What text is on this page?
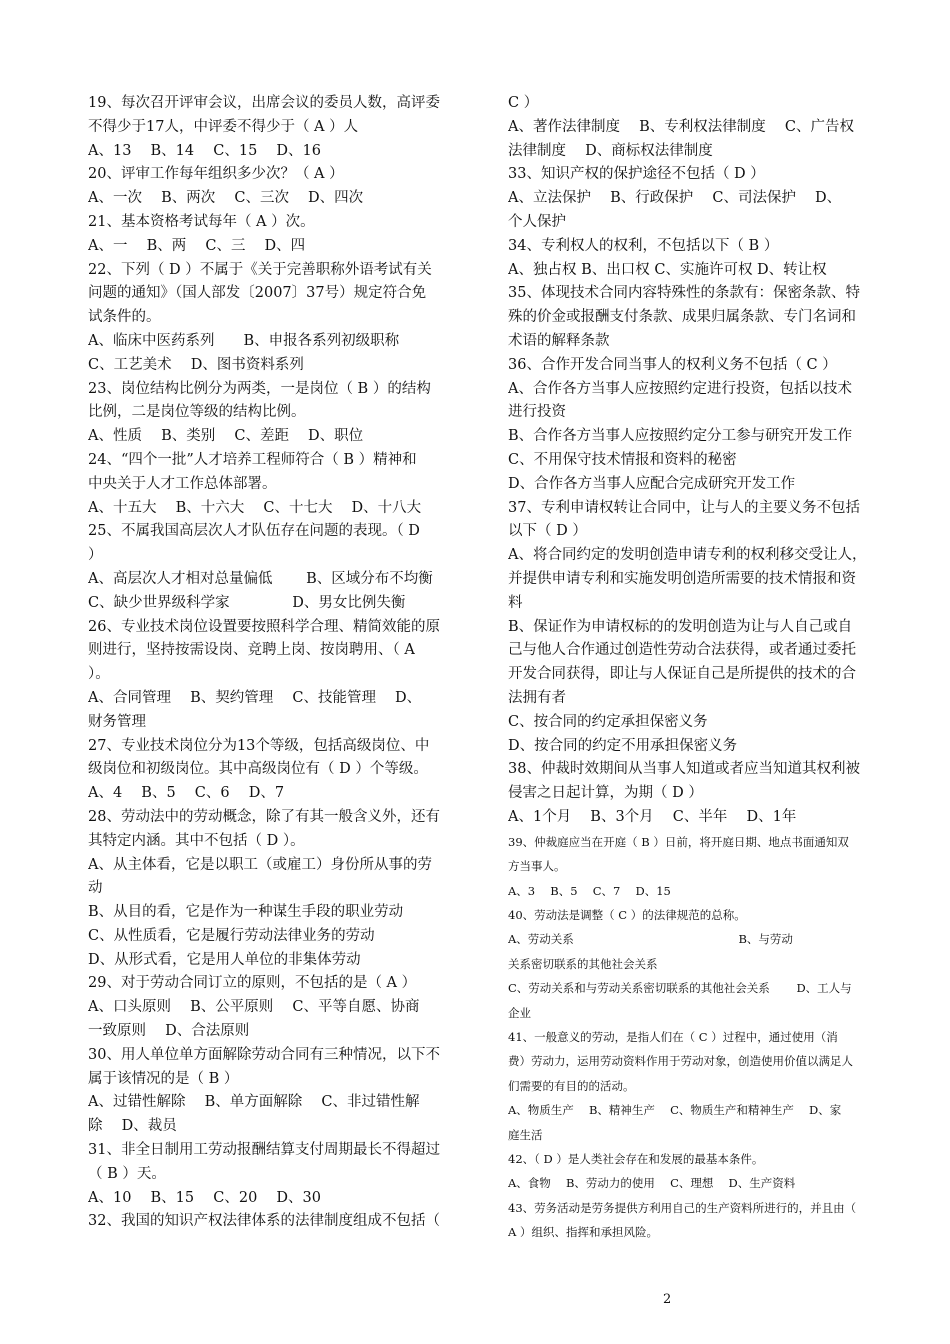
19、每次召开评审会议，出席会议的委员人数，高评委
不得少于17人，中评委不得少于（ A ）人
A、13　 B、14　 C、15　 D、16
20、评审工作每年组织多少次？（ A ）
A、一次　 B、两次　 C、三次　 D、四次
21、基本资格考试每年（ A ）次。
A、一　 B、两　 C、三　 D、四
22、下列（ D ）不属于《关于完善职称外语考试有关
问题的通知》（国人部发〔2007〕37号）规定符合免
试条件的。
A、临床中医药系列　　B、申报各系列初级职称
C、工艺美术　 D、图书资料系列
23、岗位结构比例分为两类，一是岗位（ B ）的结构
比例，二是岗位等级的结构比例。
A、性质　 B、类别　 C、差距　 D、职位
24、“四个一批”人才培养工程师符合（ B ）精神和
中央关于人才工作总体部署。
A、十五大　 B、十六大　 C、十七大　 D、十八大
25、不属我国高层次人才队伍存在问题的表现。（ D
）
A、高层次人才相对总量偏低　　 B、区域分布不均衡
C、缺少世界级科学家　　　　 D、男女比例失衡
26、专业技术岗位设置要按照科学合理、精简效能的原
则进行，坚持按需设岗、竞聘上岗、按岗聘用、（ A
）。
A、合同管理　 B、契约管理　 C、技能管理　 D、
财务管理
27、专业技术岗位分为13个等级，包括高级岗位、中
级岗位和初级岗位。其中高级岗位有（ D ）个等级。
A、4　 B、5　 C、6　 D、7
28、劳动法中的劳动概念，除了有其一般含义外，还有
其特定内涵。其中不包括（ D ）。
A、从主体看，它是以职工（或雇工）身份所从事的劳
动
B、从目的看，它是作为一种谋生手段的职业劳动
C、从性质看，它是履行劳动法律业务的劳动
D、从形式看，它是用人单位的非集体劳动
29、对于劳动合同订立的原则，不包括的是（ A ）
A、口头原则　 B、公平原则　 C、平等自愿、协商
一致原则　 D、合法原则
30、用人单位单方面解除劳动合同有三种情况，以下不
属于该情况的是（ B ）
A、过错性解除　 B、单方面解除　 C、非过错性解
除　 D、裁员
31、非全日制用工劳动报酬结算支付周期最长不得超过
（ B ）天。
A、10　 B、15　 C、20　 D、30
32、我国的知识产权法律体系的法律制度组成不包括（
C ）
A、著作法律制度　 B、专利权法律制度　 C、广告权
法律制度　 D、商标权法律制度
33、知识产权的保护途径不包括（ D ）
A、立法保护　 B、行政保护　 C、司法保护　 D、
个人保护
34、专利权人的权利，不包括以下（ B ）
A、独占权 B、出口权 C、实施许可权 D、转让权
35、体现技术合同内容特殊性的条款有：保密条款、特
殊的价金或报酬支付条款、成果归属条款、专门名词和
术语的解释条款
36、合作开发合同当事人的权利义务不包括（ C ）
A、合作各方当事人应按照约定进行投资，包括以技术
进行投资
B、合作各方当事人应按照约定分工参与研究开发工作
C、不用保守技术情报和资料的秘密
D、合作各方当事人应配合完成研究开发工作
37、专利申请权转让合同中，让与人的主要义务不包括
以下（ D ）
A、将合同约定的发明创造申请专利的权利移交受让人，
并提供申请专利和实施发明创造所需要的技术情报和资
料
B、保证作为申请权标的的发明创造为让与人自己或自
己与他人合作通过创造性劳动合法获得，或者通过委托
开发合同获得，即让与人保证自己是所提供的技术的合
法拥有者
C、按合同的约定承担保密义务
D、按合同的约定不用承担保密义务
38、仲裁时效期间从当事人知道或者应当知道其权利被
侵害之日起计算，为期（ D ）
A、1个月　 B、3个月　 C、半年　 D、1年
39、仲裁庭应当在开庭（ B ）日前，将开庭日期、地点书面通知双
方当事人。
A、3　 B、5　 C、7　 D、15
40、劳动法是调整（ C ）的法律规范的总称。
A、劳动关系　　　　　　　　　　　　　　 B、与劳动
关系密切联系的其他社会关系
C、劳动关系和与劳动关系密切联系的其他社会关系　　 D、工人与
企业
41、一般意义的劳动，是指人们在（ C ）过程中，通过使用（消
费）劳动力，运用劳动资料作用于劳动对象，创造使用价值以满足人
们需要的有目的的活动。
A、物质生产　 B、精神生产　 C、物质生产和精神生产　 D、家
庭生活
42、（ D ）是人类社会存在和发展的最基本条件。
A、食物　 B、劳动力的使用　 C、理想　 D、生产资料
43、劳务活动是劳务提供方利用自己的生产资料所进行的，并且由（
A ）组织、指挥和承担风险。
2
